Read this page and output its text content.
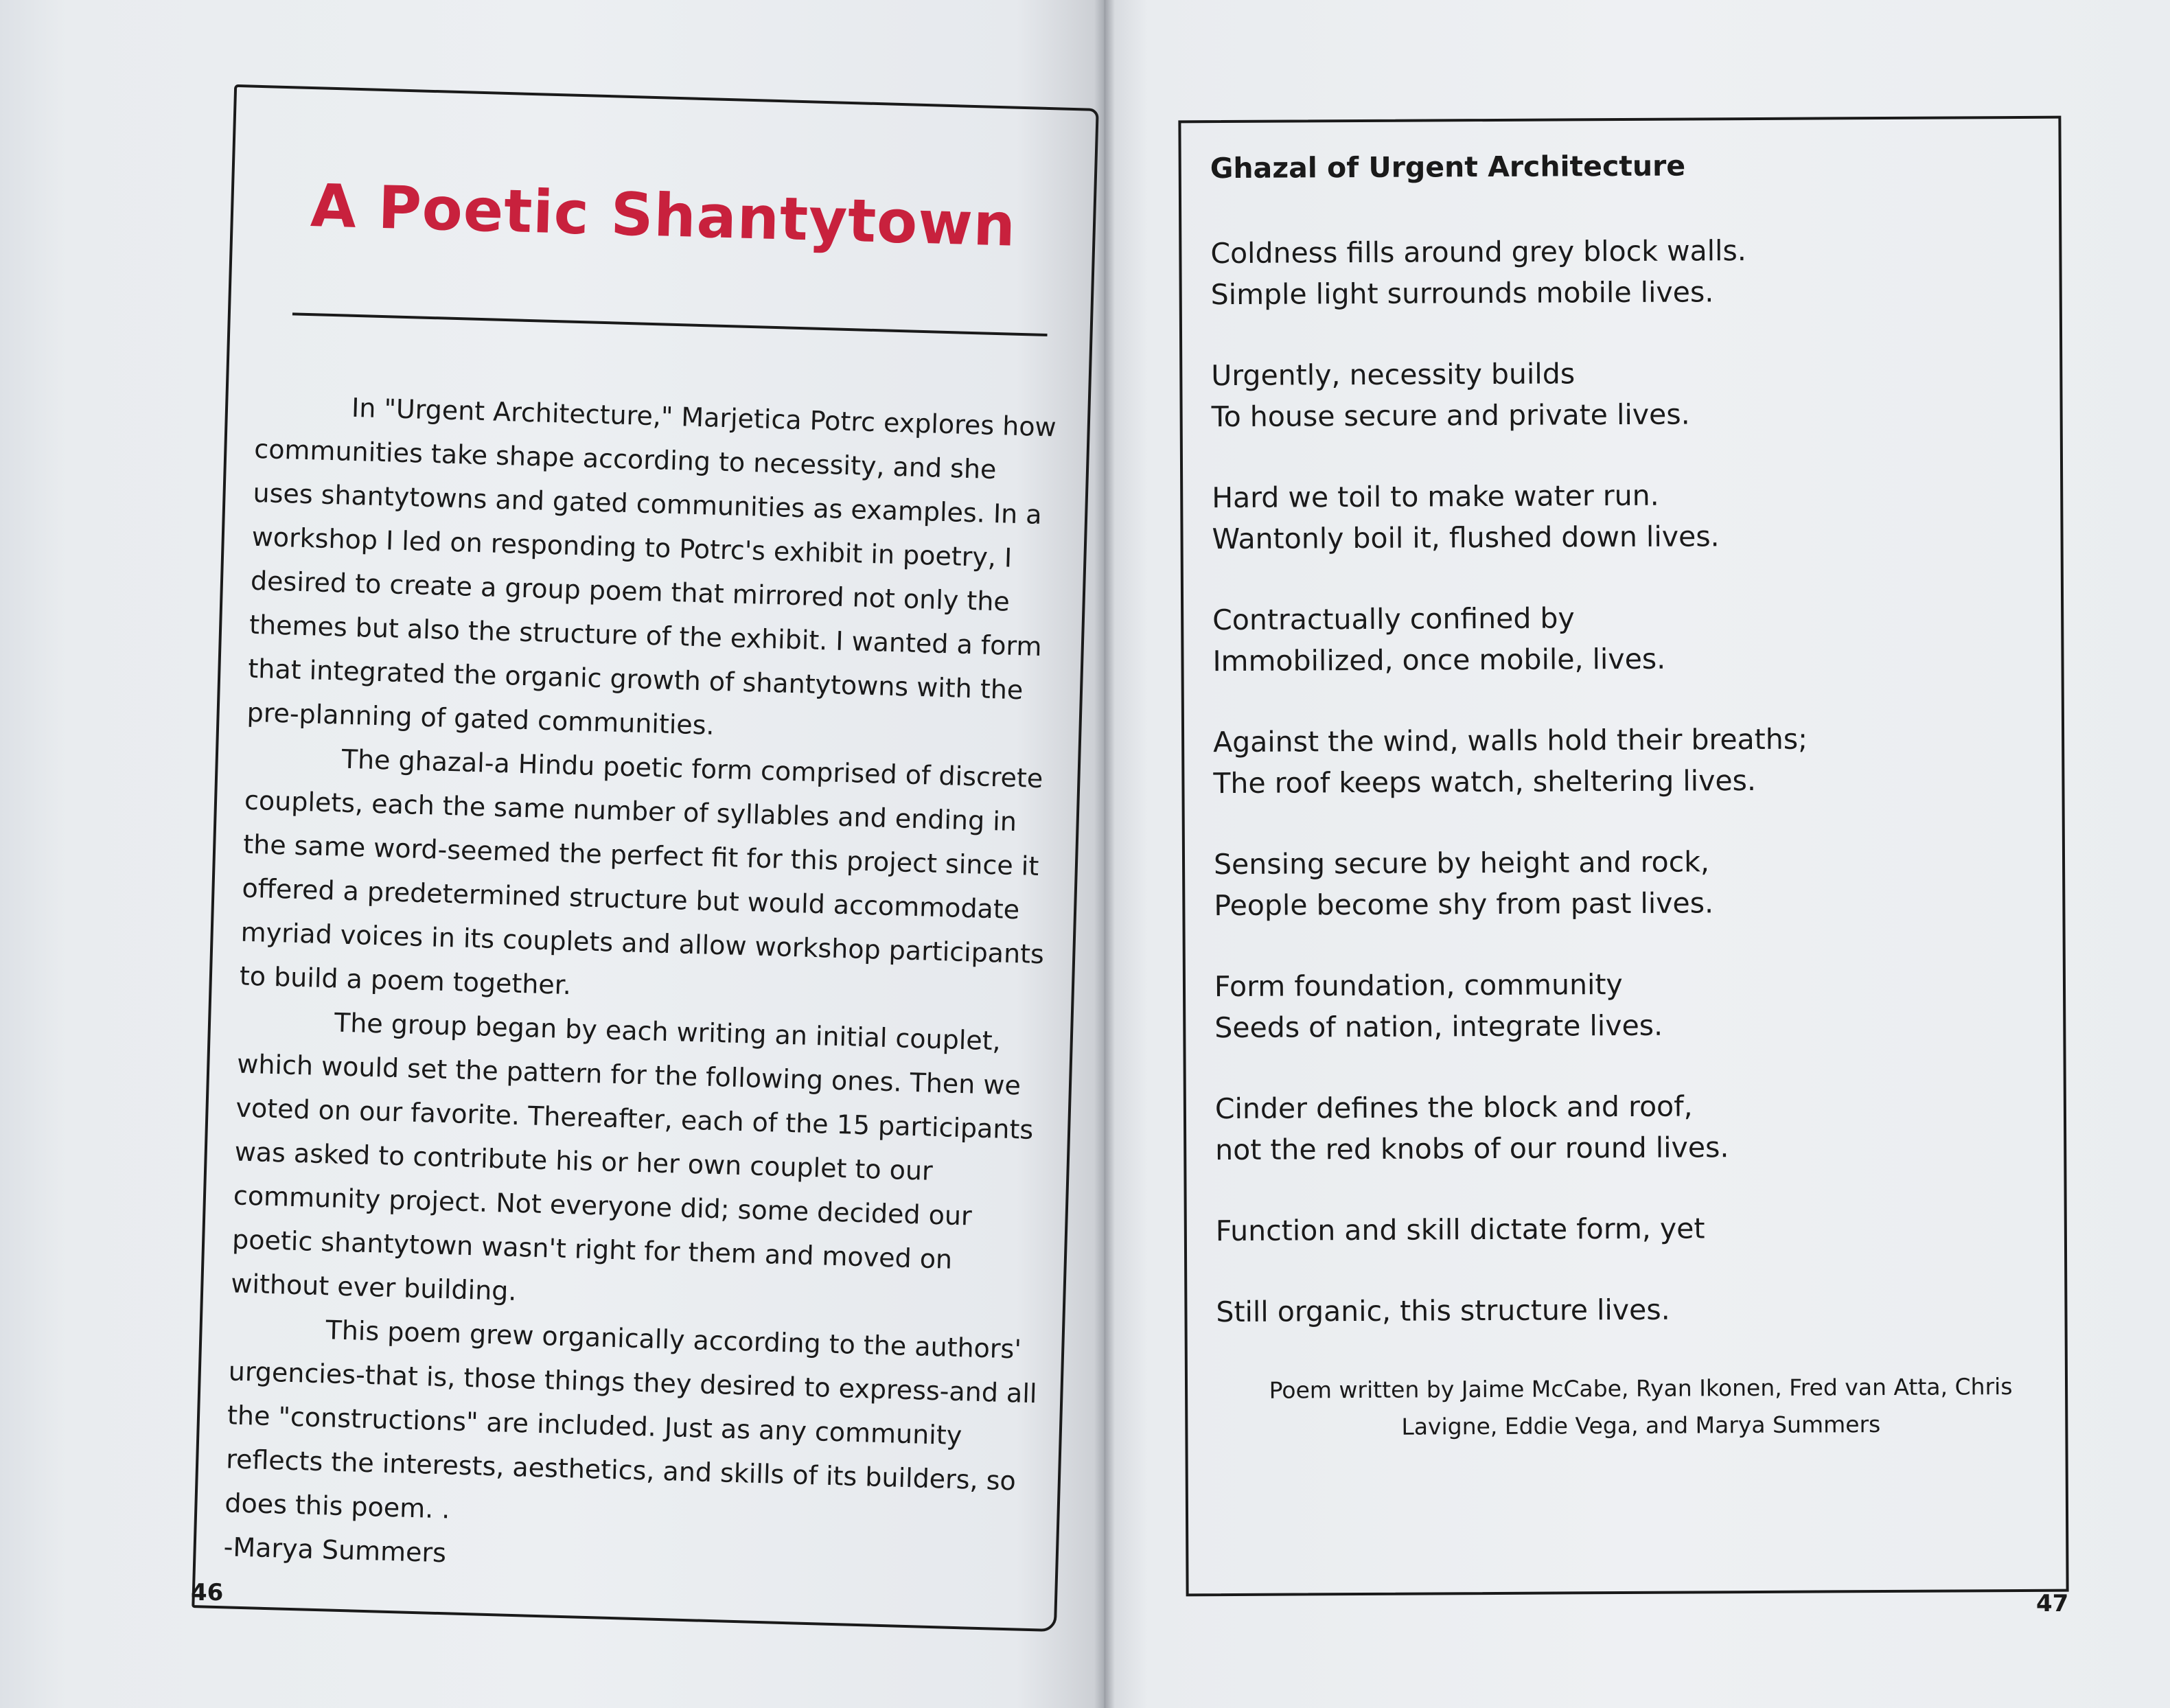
A Poetic Shantytown

In "Urgent Architecture," Marjetica Potrc explores how communities take shape according to necessity, and she uses shantytowns and gated communities as examples. In a workshop I led on responding to Potrc's exhibit in poetry, I desired to create a group poem that mirrored not only the themes but also the structure of the exhibit. I wanted a form that integrated the organic growth of shantytowns with the pre-planning of gated communities.

The ghazal-a Hindu poetic form comprised of discrete couplets, each the same number of syllables and ending in the same word-seemed the perfect fit for this project since it offered a predetermined structure but would accommodate myriad voices in its couplets and allow workshop participants to build a poem together.

The group began by each writing an initial couplet, which would set the pattern for the following ones. Then we voted on our favorite. Thereafter, each of the 15 participants was asked to contribute his or her own couplet to our community project. Not everyone did; some decided our poetic shantytown wasn't right for them and moved on without ever building.

This poem grew organically according to the authors' urgencies-that is, those things they desired to express-and all the "constructions" are included. Just as any community reflects the interests, aesthetics, and skills of its builders, so does this poem. .

-Marya Summers
46
Ghazal of Urgent Architecture
Coldness fills around grey block walls.
Simple light surrounds mobile lives.
Urgently, necessity builds
To house secure and private lives.
Hard we toil to make water run.
Wantonly boil it, flushed down lives.
Contractually confined by
Immobilized, once mobile, lives.
Against the wind, walls hold their breaths;
The roof keeps watch, sheltering lives.
Sensing secure by height and rock,
People become shy from past lives.
Form foundation, community
Seeds of nation, integrate lives.
Cinder defines the block and roof,
not the red knobs of our round lives.
Function and skill dictate form, yet
Still organic, this structure lives.
Poem written by Jaime McCabe, Ryan Ikonen, Fred van Atta, Chris Lavigne, Eddie Vega, and Marya Summers
47
